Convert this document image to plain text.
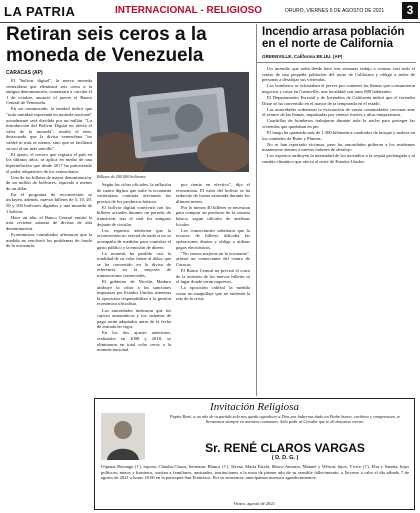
LA PATRIA	INTERNACIONAL - RELIGIOSO	ORURO, VIERNES 6 DE AGOSTO DE 2021	3
Retiran seis ceros a la moneda de Venezuela
CARACAS (AP)

El "bolívar digital", la nueva moneda venezolana que eliminará seis ceros a la antigua denominación, comenzará a circular el 1 de octubre, anunció el jueves el Banco Central de Venezuela.

En un comunicado, la entidad indicó que "toda cantidad expresada en moneda nacional" actualmente será dividida por un millón. "La introducción del Bolívar Digital no afecta el valor de la moneda", resaltó el ente, destacando que la divisa venezolana "no valdrá ni más ni menos, sino que se facilitará su uso al ser más sencillo".

El ajuste, el tercero que registra el país en los últimos años, se aplica en medio de una hiperinflación que desde 2017 ha pulverizado el poder adquisitivo de los venezolanos.

Uno de los billetes de mayor denominación, de un millón de bolívares, equivale a menos de un dólar.

En el programa de reconversión se incluyen, además, nuevos billetes de 5, 10, 20, 50 y 100 bolívares digitales y una moneda de 1 bolívar.

Hace un año, el Banco Central emitió la más reciente subasta de divisas de alta denominación.

Economistas consultados afirmaron que la medida no resolverá los problemas de fondo de la economía.

Según las cifras oficiales, la inflación de cuatro dígitos que sufre la economía venezolana continúa afectando los precios de los productos básicos.

El bolívar digital convivirá con los billetes actuales durante un periodo de transición, tras el cual los antiguos dejarán de circular.

Los expertos advierten que la reconversión no servirá de nada si no se acompaña de medidas para controlar el gasto público y la emisión de dinero.

La moneda ha perdido casi la totalidad de su valor frente al dólar, que se ha convertido en la divisa de referencia en la mayoría de transacciones comerciales.

El gobierno de Nicolás Maduro atribuye la crisis a las sanciones impuestas por Estados Unidos, mientras la oposición responsabiliza a la gestión económica oficialista.

Las autoridades indicaron que los cajeros automáticos y los sistemas de pago serán adaptados antes de la fecha de entrada en vigor.

En los dos ajustes anteriores, realizados en 2008 y 2018, se eliminaron en total ocho ceros a la moneda nacional.

por ciento en efectivo", dijo el economista. El valor del bolívar se ha reducido de forma sostenida durante los últimos meses.

Por lo menos 40 billetes se necesitan para comprar un producto de la canasta básica, según cálculos de analistas locales.

Los comerciantes señalaron que la escasez de billetes dificulta las operaciones diarias y obliga a utilizar pagos electrónicos.

"No vemos mejoras en la economía", afirmó un comerciante del centro de Caracas.

El Banco Central no precisó el costo de la emisión de los nuevos billetes ni el lugar donde serán impresos.

La oposición calificó la medida como un maquillaje que no enfrenta la raíz de la crisis.

Billetes de 200.000 bolívares
Incendio arrasa población en el norte de California
GREENVILLE, California EE.UU. (AP)

Un incendio que ardía desde hace tres semanas redujo a cenizas casi todo el centro de una pequeña población del norte de California y obligó a miles de personas a desalojar sus viviendas.

Los bomberos se esforzaban el jueves por contener las llamas que consumieron negocios y casas en Greenville, una localidad con unos 800 habitantes.

El Departamento Forestal y de Incendios de California indicó que el incendio Dixie se ha convertido en el mayor de la temporada en el estado.

Las autoridades ordenaron la evacuación de varias comunidades cercanas ante el avance de las llamas, impulsadas por vientos fuertes y altas temperaturas.

Cuadrillas de bomberos trabajaron durante toda la noche para proteger las viviendas que quedaban en pie.

El fuego ha quemado más de 1.300 kilómetros cuadrados de bosque y maleza en los condados de Butte y Plumas.

No se han reportado víctimas, pero las autoridades pidieron a los residentes mantenerse atentos a nuevas órdenes de desalojo.

Los expertos atribuyen la intensidad de los incendios a la sequía prolongada y al cambio climático que afecta al oeste de Estados Unidos.

Invitación Religiosa
Papito René, a un año de tu partida solo nos queda agradecer a Dios por habernos dado un Padre bueno, cariñoso y comprensivo, te llevaremos siempre en nuestros corazones. Sólo pedir al Creador que te dé descanso eterno.
Sr. RENÉ CLAROS VARGAS
( D. D. G. )
Ulpiana Reynaga (†), esposa; Claudia Claros, hermana; Blanca (†), Teresa, María Estela, Marco Antonio, Manuel y Wilson, hijos; Víctor (†), Elsa y Sandra, hijos políticos; nietos y bisnietos, invitan a familiares, amistades, instituciones a la misa de primer año de su sensible fallecimiento, a llevarse a cabo el día sábado 7 de agosto de 2021 a horas 18:00 en la parroquia San Francisco. Por su asistencia, anticipamos nuestros agradecimientos.
Oruro, agosto de 2021
